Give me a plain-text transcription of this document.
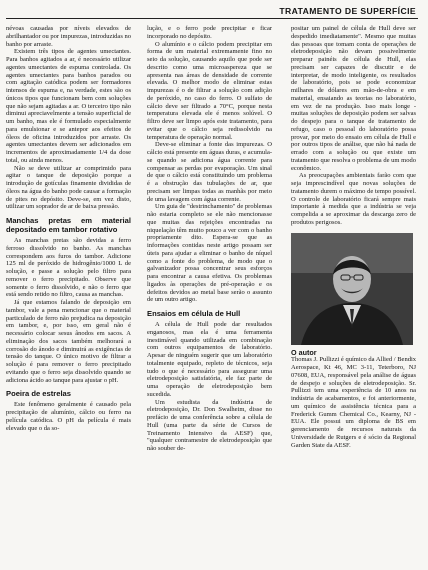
TRATAMENTO DE SUPERFÍCIE

névoas causadas por níveis elevados de abrilhantador ou por impurezas, introduzidas no banho por arraste.

Existem três tipos de agentes umectantes. Para banhos agitados a ar, é necessário utilizar agentes umectantes de espuma controlada. Os agentes umectantes para banhos parados ou com agitação catódica podem ser formadores intensos de espuma e, na verdade, estes são os únicos tipos que funcionam bem com soluções que não sejam agitadas a ar. O terceiro tipo não diminui apreciavelmente a tensão superficial de um banho, mas ele é formulado especialmente para emulsionar e se antepor aos efeitos de óleos de oficina introduzidos por arraste. Os agentes umectantes devem ser adicionados em incrementos de aproximadamente 1/4 da dose total, ou ainda menos.

Não se deve utilizar ar comprimido para agitar o tanque de deposição porque a introdução de gotículas finamente divididas de óleos na água do banho pode causar a formação de pites no depósito. Deve-se, em vez disto, utilizar um soprador de ar de baixa pressão.

Manchas pretas em material depositado em tambor rotativo

As manchas pretas são devidas a ferro ferroso dissolvido no banho. As manchas correspondem aos furos do tambor. Adicione 125 ml de peróxido de hidrogênio/1000 L de solução, e passe a solução pelo filtro para remover o ferro precipitado. Observe que somente o ferro dissolvido, e não o ferro que está sendo retido no filtro, causa as manchas.

Já que estamos falando de deposição em tambor, vale a pena mencionar que o material particulado de ferro não prejudica na deposição em tambor, e, por isso, em geral não é necessário colocar sesus ânodos em sacos. A eliminação dos sacos também melhorará a corrosão do ânodo e diminuirá as exigências de tensão do tanque. O único motivo de filtrar a solução é para remover o ferro precipitado evitando que o ferro seja dissolvido quando se adiciona ácido ao tanque para ajustar o pH.

Poeira de estrelas

Este fenômeno geralmente é causado pela precipitação de alumínio, cálcio ou ferro na película catódica. O pH da película é mais elevado que o da so-

lução, e o ferro pode precipitar e ficar incorporado no depósito.

O alumínio e o cálcio podem precipitar em forma de um material extremamente fino no seio da solução, causando aquilo que pode ser descrito como uma microaspereza que se apresenta nas áreas de densidade de corrente elevada. O melhor modo de eliminar estas impurezas é o de filtrar a solução com adição de peróxido, no caso do ferro. O sulfato de cálcio deve ser filtrado a 70°C, porque nesta temperatura elevada ele é menos solúvel. O filtro deve ser limpo após este tratamento, para evitar que o cálcio seja redissolvido na temperatura de operação normal.

Deve-se eliminar a fonte das impurezas. O cálcio está presente em águas duras, e acumula-se quando se adiciona água corrente para compensar as perdas por evaporação. Um sinal de que o cálcio está constituindo um problema é a obstrução das tubulações de ar, que precisam ser limpas todas as manhãs por meio de uma lavagem com água corrente.

Um guia de "destrinchamento" de problemas não estaria completo se ele não mencionasse que muitas das rejeições encontradas na niquelação têm muito pouco a ver com o banho propriamente dito. Espera-se que as informações contidas neste artigo possam ser úteis para ajudar a eliminar o banho de níquel como a fonte do problema, de modo que o galvanizador possa concentrar seus esforços para encontrar a causa efetiva. Os problemas ligados às operações de pré-operação e os defeitos devidos ao metal base serão o assunto de um outro artigo.

Ensaios em célula de Hull

A célula de Hull pode dar resultados enganosos, mas ela é uma ferramenta inestimável quando utilizada em combinação com outros equipamentos de laboratório. Apesar de ninguém sugerir que um laboratório totalmente equipado, repleto de técnicos, seja tudo o que é necessário para assegurar uma eletrodeposição satisfatória, ele faz parte de uma operação de eletrodeposição bem sucedida.

Um estudista da indústria de eletrodeposição, Dr. Don Swalheim, disse no prefácio de uma conferência sobre a célula de Hull (uma parte da série de Cursos de Treinamento Intensivo da AESF) que, "qualquer contramestre de eletrodeposição que não souber de-

positar um painel de célula de Hull deve ser despedido imediatamente". Mesmo que muitas das pessoas que tomam conta de operações de eletrodeposição não devam possivelmente preparar painéis de célula de Hull, elas precisam ser capazes de discutir e de interpretar, de modo inteligente, os resultados de laboratório, pois se pode economizar milhares de dólares em mão-de-obra e em material, ensaiando as teorias no laboratório, em vez de na produção. Isso mais longe - muitas soluções de deposição podem ser salvas do despejo para o tanque de tratamento de refugo, caso o pessoal do laboratório possa provar, por meio do ensaio em célula de Hull e por outros tipos de análise, que não há nada de errado com a solução ou que existe um tratamento que resolva o problema de um modo econômico.

As preocupações ambientais farão com que seja imprescindível que novas soluções de tratamento durem o máximo de tempo possível. O controle de laboratório ficará sempre mais importante à medida que a indústria se veja compelida a se aproximar da descarga zero de produtos perigosos.

O autor
Thomas J. Pullizzi é químico da Allied / Bendix Aerospace, Kt 46, MC 3-11, Teterboro, NJ 07608, EUA, responsável pela análise de águas de despejo e soluções de eletrodeposição. Sr. Pullizzi tem uma experiência de 10 anos na indústria de acabamentos, e foi anteriormente, um químico de assistência técnica para a Frederick Gumm Chemical Co., Kearny, NJ - EUA. Ele possui um diploma de BS em gerenciamento de recursos naturais da Universidade de Rutgers e é sócio da Regional Garden State da AESF.
